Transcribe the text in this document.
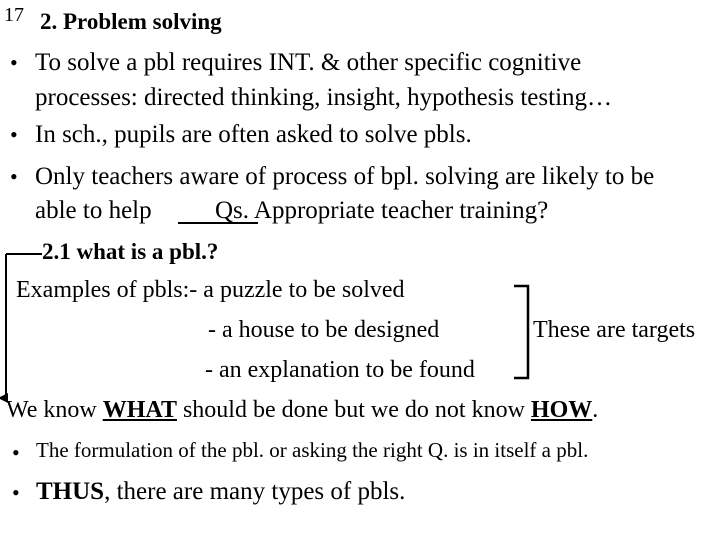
17 2. Problem solving
• To solve a pbl requires INT. & other specific cognitive
processes: directed thinking, insight, hypothesis testing…
• In sch., pupils are often asked to solve pbls.
• Only teachers aware of process of bpl. solving are likely to be
able to help	Qs. Appropriate teacher training?
2.1 what is a pbl.?
Examples of pbls:- a puzzle to be solved
- a house to be designed	These are targets
- an explanation to be found
We know WHAT should be done but we do not know HOW.
• The formulation of the pbl. or asking the right Q. is in itself a pbl.
• THUS, there are many types of pbls.
